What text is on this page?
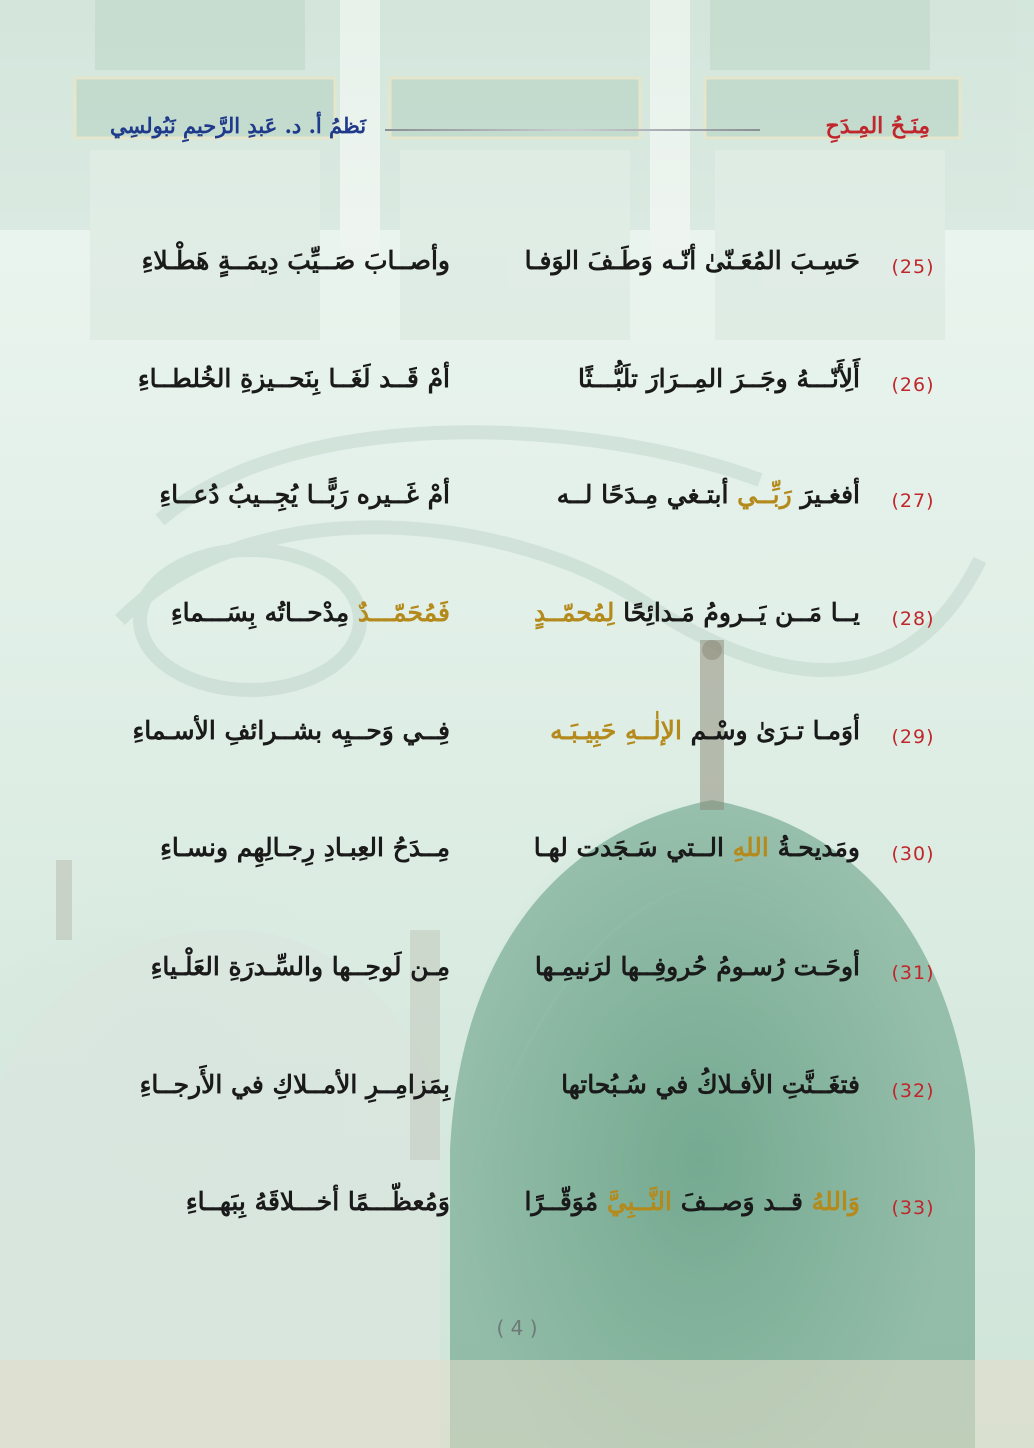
مِنَـحُ المِـدَحِ
نَظمُ أ. د. عَبدِ الرَّحيمِ نَبُولسِي
(25)
حَسِـبَ المُعَـنّىٰ أنّـه وَطَـفَ الوَفـا
وأصــابَ صَــيِّبَ دِيمَــةٍ هَطْـلاءِ
(26)
أَلِأَنّـــهُ وجَــرَ المِــرَارَ تلَبُّـــثًا
أمْ قَــد لَغَــا بِنَحــيزةِ الخُلطــاءِ
(27)
أفغـيرَ رَبِّــي أبتـغي مِـدَحًا لــه
أمْ غَــيره رَبًّــا يُجِــيبُ دُعــاءِ
(28)
يــا مَــن يَــرومُ مَـدائِحًا لِمُحمّــدٍ
فَمُحَمّـــدٌ مِدْحــاتُه بِسَـــماءِ
(29)
أوَمـا تـرَىٰ وسْـم الإلٰــهِ حَبِيـبَـه
فِــي وَحــيِه بشــرائفِ الأسـماءِ
(30)
ومَديحـةُ اللهِ الــتي سَـجَدت لهـا
مِــدَحُ العِبـادِ رِجـالِهِم ونسـاءِ
(31)
أوحَـت رُسـومُ حُروفِــها لرَنيمِـها
مِـن لَوحِــها والسِّـدرَةِ العَلْـياءِ
(32)
فتغَــنَّتِ الأفـلاكُ في سُـبُحاتها
بِمَزامِــرِ الأمــلاكِ في الأَرجــاءِ
(33)
وَاللهُ قــد وَصــفَ النَّــبِيَّ مُوَقّــرًا
وَمُعظّـــمًا أخـــلاقَهُ بِبَهــاءِ
( 4 )
